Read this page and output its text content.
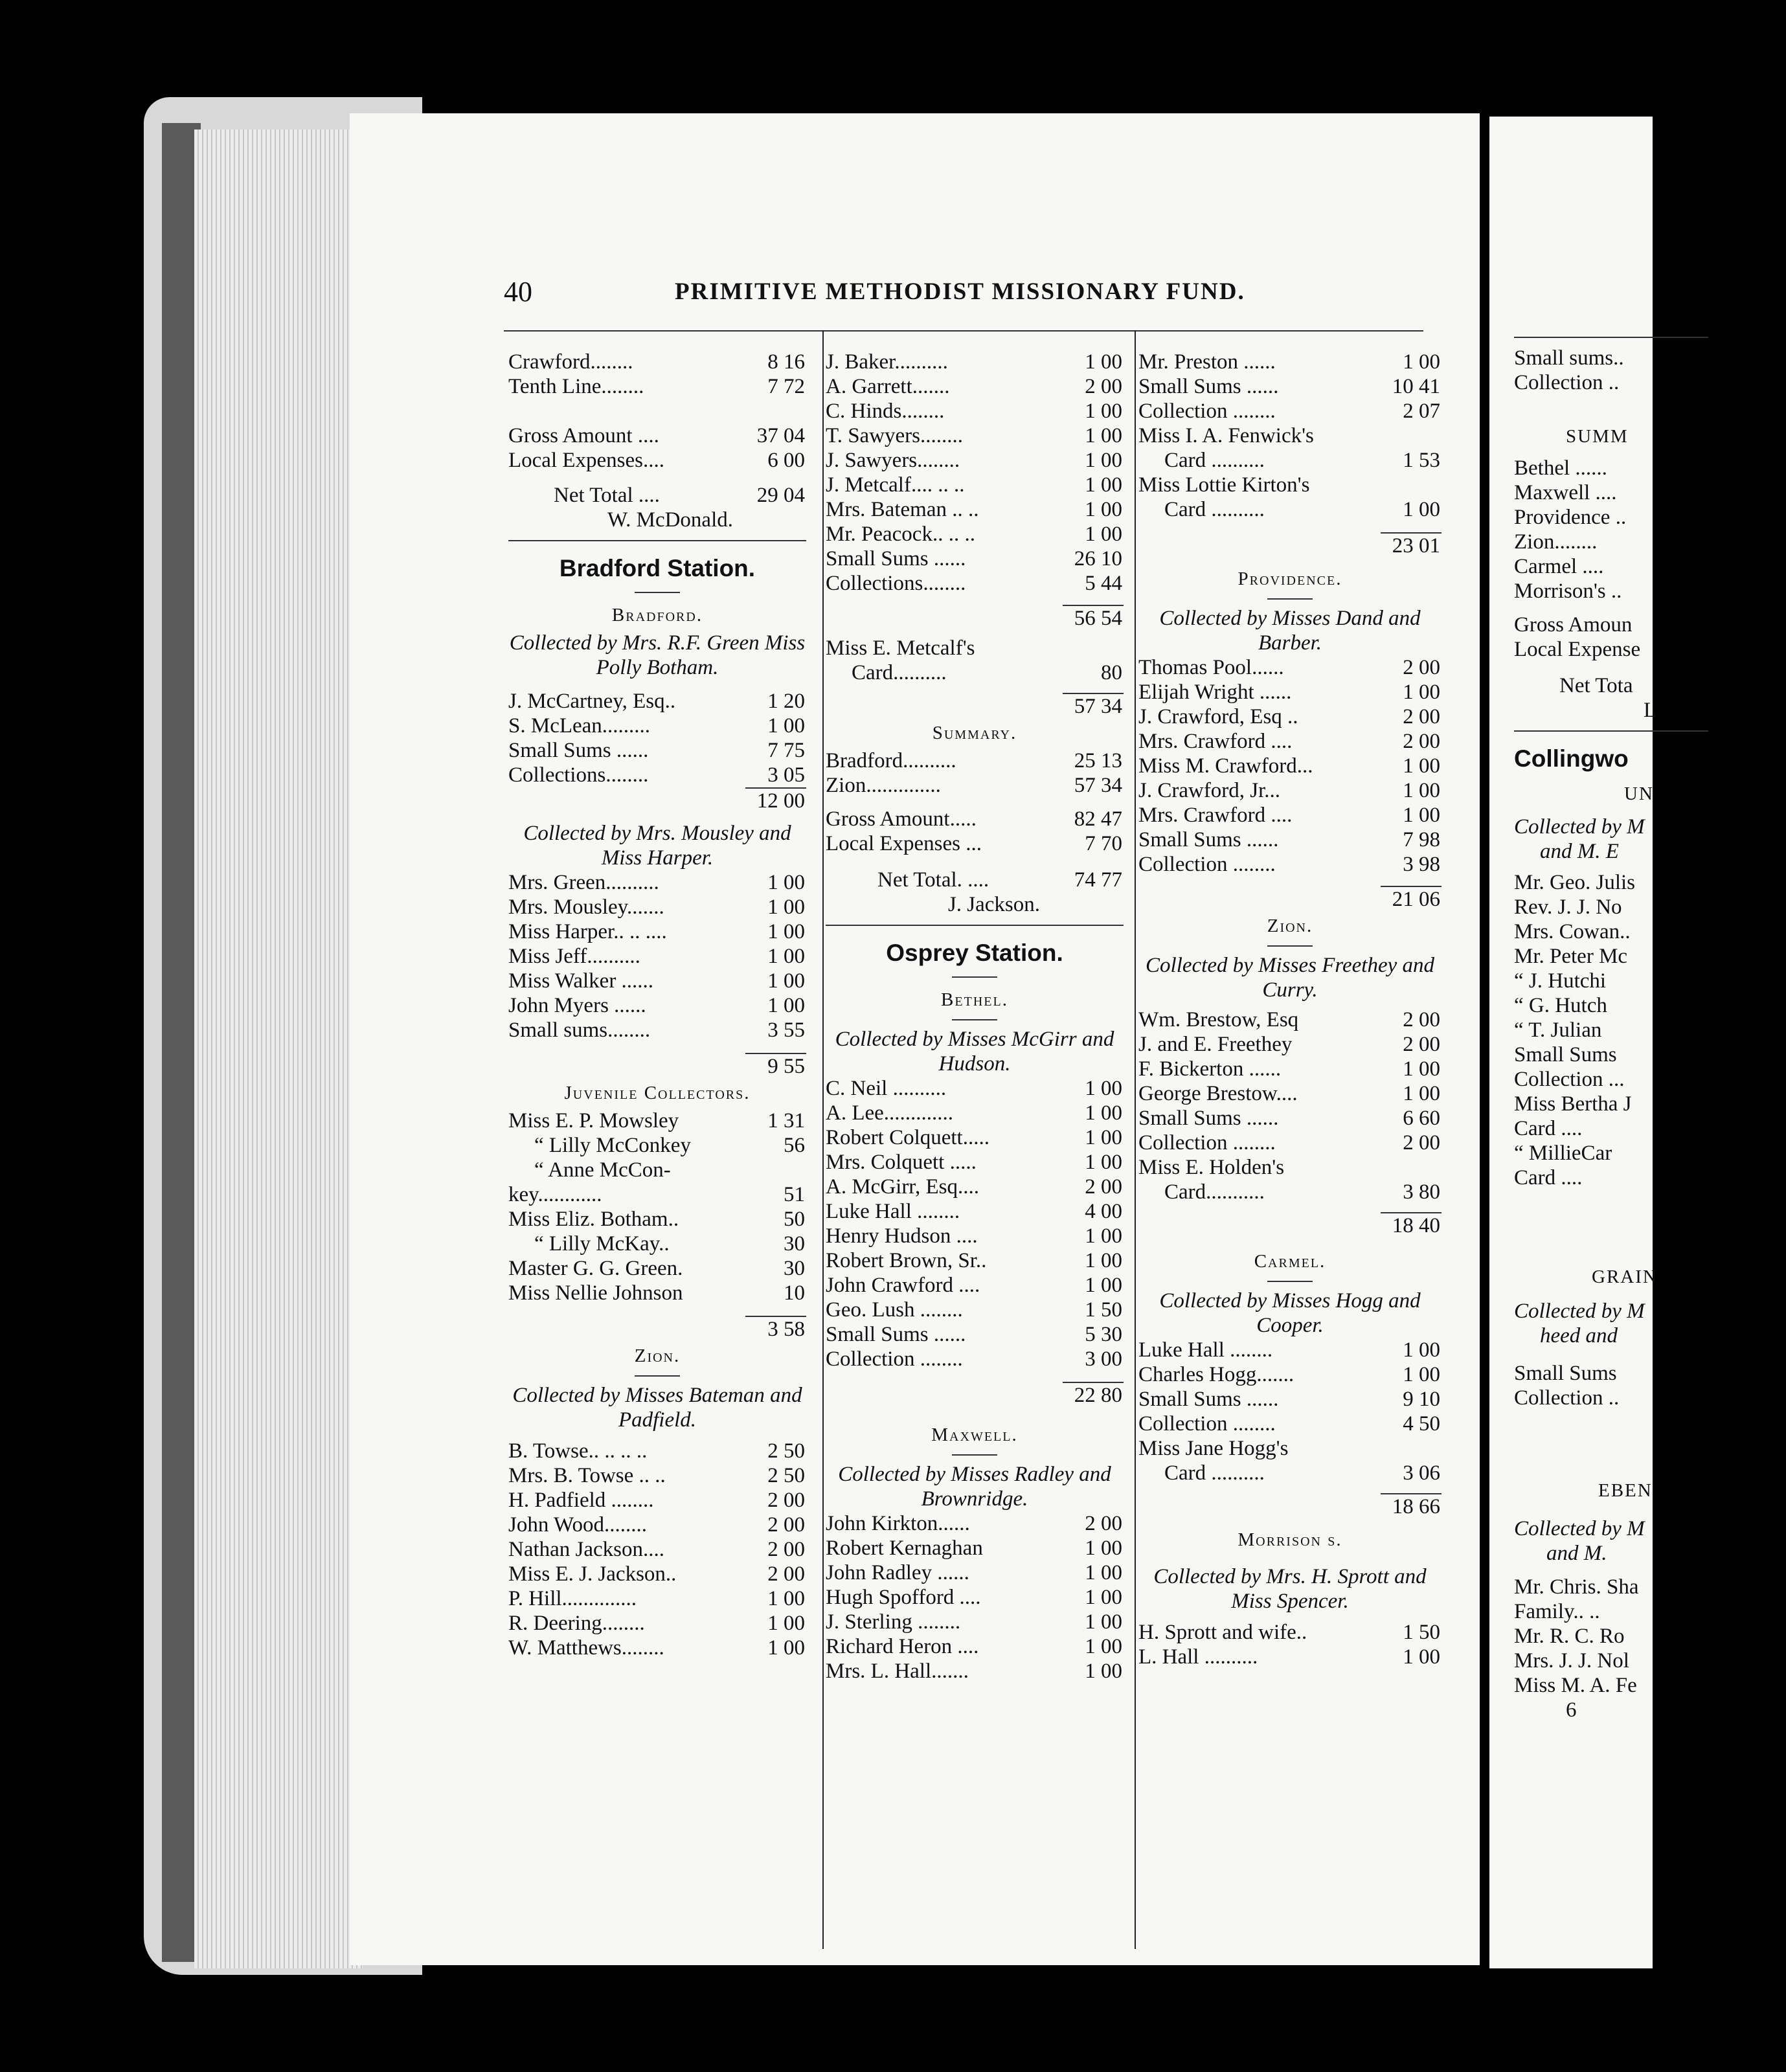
40	PRIMITIVE METHODIST MISSIONARY FUND.
Crawford........	8 16
Tenth Line........	7 72
Gross Amount ....	37 04
Local Expenses....	6 00
Net Total ....	29 04
W. McDonald.
Bradford Station.
Bradford.
Collected by Mrs. R.F. Green Miss Polly Botham.
J. McCartney, Esq..	1 20
S. McLean.........	1 00
Small Sums ......	7 75
Collections........	3 05
12 00
Collected by Mrs. Mousley and Miss Harper.
Mrs. Green..........	1 00
Mrs. Mousley.......	1 00
Miss Harper.. .. ....	1 00
Miss Jeff..........	1 00
Miss Walker ......	1 00
John Myers ......	1 00
Small sums........	3 55
9 55
Juvenile Collectors.
Miss E. P. Mowsley	1 31
“ Lilly McConkey	56
“ Anne McCon-
key............	51
Miss Eliz. Botham..	50
“ Lilly McKay..	30
Master G. G. Green.	30
Miss Nellie Johnson	10
3 58
Zion.
Collected by Misses Bateman and Padfield.
B. Towse.. .. .. ..	2 50
Mrs. B. Towse .. ..	2 50
H. Padfield ........	2 00
John Wood........	2 00
Nathan Jackson....	2 00
Miss E. J. Jackson..	2 00
P. Hill..............	1 00
R. Deering........	1 00
W. Matthews........	1 00
J. Baker..........	1 00
A. Garrett.......	2 00
C. Hinds........	1 00
T. Sawyers........	1 00
J. Sawyers........	1 00
J. Metcalf.... .. ..	1 00
Mrs. Bateman .. ..	1 00
Mr. Peacock.. .. ..	1 00
Small Sums ......	26 10
Collections........	5 44
56 54
Miss E. Metcalf's
Card..........	80
57 34
Summary.
Bradford..........	25 13
Zion..............	57 34
Gross Amount.....	82 47
Local Expenses ...	7 70
Net Total. ....	74 77
J. Jackson.
Osprey Station.
Bethel.
Collected by Misses McGirr and Hudson.
C. Neil ..........	1 00
A. Lee.............	1 00
Robert Colquett.....	1 00
Mrs. Colquett .....	1 00
A. McGirr, Esq....	2 00
Luke Hall ........	4 00
Henry Hudson ....	1 00
Robert Brown, Sr..	1 00
John Crawford ....	1 00
Geo. Lush ........	1 50
Small Sums ......	5 30
Collection ........	3 00
22 80
Maxwell.
Collected by Misses Radley and Brownridge.
John Kirkton......	2 00
Robert Kernaghan	1 00
John Radley ......	1 00
Hugh Spofford ....	1 00
J. Sterling ........	1 00
Richard Heron ....	1 00
Mrs. L. Hall.......	1 00
Mr. Preston ......	1 00
Small Sums ......	10 41
Collection ........	2 07
Miss I. A. Fenwick's
Card ..........	1 53
Miss Lottie Kirton's
Card ..........	1 00
23 01
Providence.
Collected by Misses Dand and Barber.
Thomas Pool......	2 00
Elijah Wright ......	1 00
J. Crawford, Esq ..	2 00
Mrs. Crawford ....	2 00
Miss M. Crawford...	1 00
J. Crawford, Jr...	1 00
Mrs. Crawford ....	1 00
Small Sums ......	7 98
Collection ........	3 98
21 06
Zion.
Collected by Misses Freethey and Curry.
Wm. Brestow, Esq	2 00
J. and E. Freethey	2 00
F. Bickerton ......	1 00
George Brestow....	1 00
Small Sums ......	6 60
Collection ........	2 00
Miss E. Holden's
Card...........	3 80
18 40
Carmel.
Collected by Misses Hogg and Cooper.
Luke Hall ........	1 00
Charles Hogg.......	1 00
Small Sums ......	9 10
Collection ........	4 50
Miss Jane Hogg's
Card ..........	3 06
18 66
Morrison s.
Collected by Mrs. H. Sprott and Miss Spencer.
H. Sprott and wife..	1 50
L. Hall ..........	1 00
Small sums..
Collection ..
SUMM
Bethel ......
Maxwell ....
Providence ..
Zion........
Carmel ....
Morrison's ..
Gross Amoun
Local Expense
Net Tota
L
Collingwo
UN
Collected by M
and M. E
Mr. Geo. Julis
Rev. J. J. No
Mrs. Cowan..
Mr. Peter Mc
“ J. Hutchi
“ G. Hutch
“ T. Julian
Small Sums
Collection ...
Miss Bertha J
Card ....
“ MillieCar
Card ....
GRAIN
Collected by M
heed and
Small Sums
Collection ..
EBEN
Collected by M
and M.
Mr. Chris. Sha
Family.. ..
Mr. R. C. Ro
Mrs. J. J. Nol
Miss M. A. Fe
6
